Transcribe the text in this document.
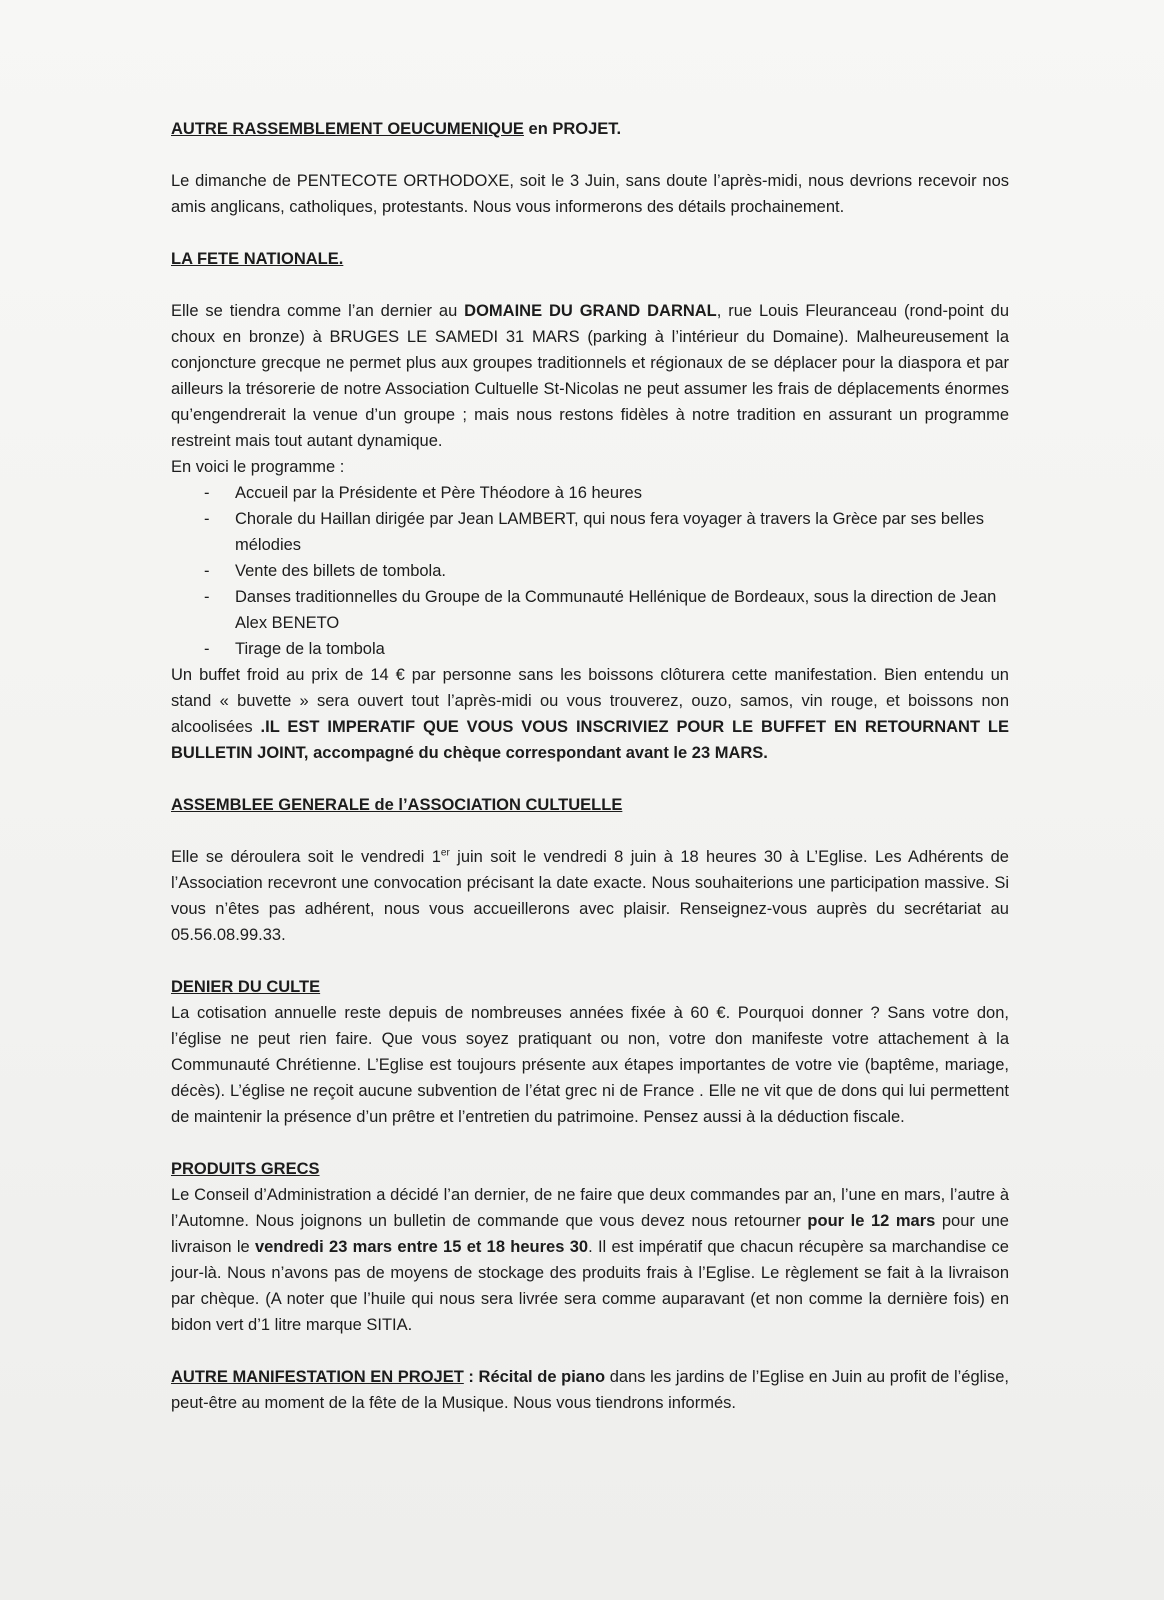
AUTRE RASSEMBLEMENT OEUCUMENIQUE en PROJET.

Le dimanche de PENTECOTE ORTHODOXE, soit le 3 Juin, sans doute l’après-midi, nous devrions recevoir nos amis anglicans, catholiques, protestants. Nous vous informerons des détails prochainement.

LA FETE NATIONALE.

Elle se tiendra comme l’an dernier au DOMAINE DU GRAND DARNAL, rue Louis Fleuranceau (rond-point du choux en bronze) à BRUGES LE SAMEDI 31 MARS (parking à l’intérieur du Domaine). Malheureusement la conjoncture grecque ne permet plus aux groupes traditionnels et régionaux de se déplacer pour la diaspora et par ailleurs la trésorerie de notre Association Cultuelle St-Nicolas ne peut assumer les frais de déplacements énormes qu’engendrerait la venue d’un groupe ; mais nous restons fidèles à notre tradition en assurant un programme restreint mais tout autant dynamique.

En voici le programme :

- Accueil par la Présidente et Père Théodore à 16 heures
- Chorale du Haillan dirigée par Jean LAMBERT, qui nous fera voyager à travers la Grèce par ses belles mélodies
- Vente des billets de tombola.
- Danses traditionnelles du Groupe de la Communauté Hellénique de Bordeaux, sous la direction de Jean Alex BENETO
- Tirage de la tombola

Un buffet froid au prix de 14 € par personne sans les boissons clôturera cette manifestation. Bien entendu un stand « buvette » sera ouvert tout l’après-midi ou vous trouverez, ouzo, samos, vin rouge, et boissons non alcoolisées .IL EST IMPERATIF QUE VOUS VOUS INSCRIVIEZ POUR LE BUFFET EN RETOURNANT LE BULLETIN JOINT, accompagné du chèque correspondant avant le 23 MARS.

ASSEMBLEE GENERALE de l’ASSOCIATION CULTUELLE

Elle se déroulera soit le vendredi 1er juin soit le vendredi 8 juin à 18 heures 30 à L’Eglise. Les Adhérents de l’Association recevront une convocation précisant la date exacte. Nous souhaiterions une participation massive. Si vous n’êtes pas adhérent, nous vous accueillerons avec plaisir. Renseignez-vous auprès du secrétariat au 05.56.08.99.33.

DENIER DU CULTE

La cotisation annuelle reste depuis de nombreuses années fixée à 60 €. Pourquoi donner ? Sans votre don, l’église ne peut rien faire. Que vous soyez pratiquant ou non, votre don manifeste votre attachement à la Communauté Chrétienne. L’Eglise est toujours présente aux étapes importantes de votre vie (baptême, mariage, décès). L’église ne reçoit aucune subvention de l’état grec ni de France . Elle ne vit que de dons qui lui permettent de maintenir la présence d’un prêtre et l’entretien du patrimoine. Pensez aussi à la déduction fiscale.

PRODUITS GRECS

Le Conseil d’Administration a décidé l’an dernier, de ne faire que deux commandes par an, l’une en mars, l’autre à l’Automne. Nous joignons un bulletin de commande que vous devez nous retourner pour le 12 mars pour une livraison le vendredi 23 mars entre 15 et 18 heures 30. Il est impératif que chacun récupère sa marchandise ce jour-là. Nous n’avons pas de moyens de stockage des produits frais à l’Eglise. Le règlement se fait à la livraison par chèque. (A noter que l’huile qui nous sera livrée sera comme auparavant (et non comme la dernière fois) en bidon vert d’1 litre marque SITIA.

AUTRE MANIFESTATION EN PROJET : Récital de piano dans les jardins de l’Eglise en Juin au profit de l’église, peut-être au moment de la fête de la Musique. Nous vous tiendrons informés.
